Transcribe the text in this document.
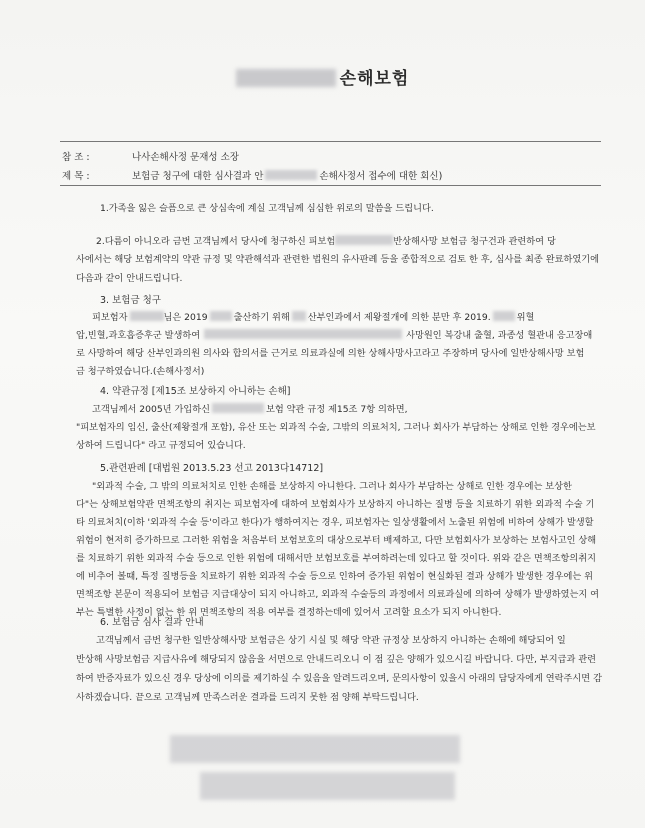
손해보험
참 조 :	나사손해사정 문재성 소장
제 목 :	보험금 청구에 대한 심사결과 안	손해사정서 접수에 대한 회신)
1.가족을 잃은 슬픔으로 큰 상심속에 계실 고객님께 심심한 위로의 말씀을 드립니다.
2.다름이 아니오라 금번 고객님께서 당사에 청구하신 피보험	반상해사망 보험금 청구건과 관련하여 당
사에서는 해당 보험계약의 약관 규정 및 약관해석과 관련한 법원의 유사판례 등을 종합적으로 검토 한 후, 심사를 최종 완료하였기에
다음과 같이 안내드립니다.
3. 보험금 청구
피보험자	님은 2019	출산하기 위해 산부인과에서 제왕절개에 의한 분만 후 2019.	위혈
압,빈혈,과호흡증후군 발생하여	사망원인 복강내 출혈, 과종성 혈관내 응고장애
로 사망하여 해당 산부인과의원 의사와 합의서를 근거로 의료과실에 의한 상해사망사고라고 주장하며 당사에 일반상해사망 보험
금 청구하였습니다.(손해사정서)
4. 약관규정 [제15조 보상하지 아니하는 손해]
고객님께서 2005년 가입하신	보험 약관 규정 제15조 7항 의하면,
"피보험자의 임신, 출산(제왕절개 포함), 유산 또는 외과적 수술, 그밖의 의료처치, 그러나 회사가 부담하는 상해로 인한 경우에는보
상하여 드립니다" 라고 규정되어 있습니다.
5.관련판례 [대법원 2013.5.23 선고 2013다14712]
"외과적 수술, 그 밖의 의료처치로 인한 손해를 보상하지 아니한다. 그러나 회사가 부담하는 상해로 인한 경우에는 보상한
다"는 상해보험약관 면책조항의 취지는 피보험자에 대하여 보험회사가 보상하지 아니하는 질병 등을 치료하기 위한 외과적 수술 기
타 의료처치(이하 '외과적 수술 등'이라고 한다)가 행하여지는 경우, 피보험자는 일상생활에서 노출된 위험에 비하여 상해가 발생할
위험이 현저히 증가하므로 그러한 위험을 처음부터 보험보호의 대상으로부터 배제하고, 다만 보험회사가 보상하는 보험사고인 상해
를 치료하기 위한 외과적 수술 등으로 인한 위험에 대해서만 보험보호를 부여하려는데 있다고 할 것이다. 위와 같은 면책조항의취지
에 비추어 볼때, 특정 질병등을 치료하기 위한 외과적 수술 등으로 인하여 증가된 위험이 현실화된 결과 상해가 발생한 경우에는 위
면책조항 본문이 적용되어 보험금 지급대상이 되지 아니하고, 외과적 수술등의 과정에서 의료과실에 의하여 상해가 발생하였는지 여
부는 특별한 사정이 없는 한 위 면책조항의 적용 여부를 결정하는데에 있어서 고려할 요소가 되지 아니한다.
6. 보험금 심사 결과 안내
고객님께서 금번 청구한 일반상해사망 보험금은 상기 시실 및 해당 약관 규정상 보상하지 아니하는 손해에 해당되어 일
반상해 사망보험금 지급사유에 해당되지 않음을 서면으로 안내드리오니 이 점 깊은 양해가 있으시길 바랍니다. 다만, 부지급과 관련
하여 반증자료가 있으신 경우 당상에 이의를 제기하실 수 있음을 알려드리오며, 문의사항이 있을시 아래의 담당자에게 연락주시면 감
사하겠습니다. 끝으로 고객님께 만족스러운 결과를 드리지 못한 점 양해 부탁드립니다.
